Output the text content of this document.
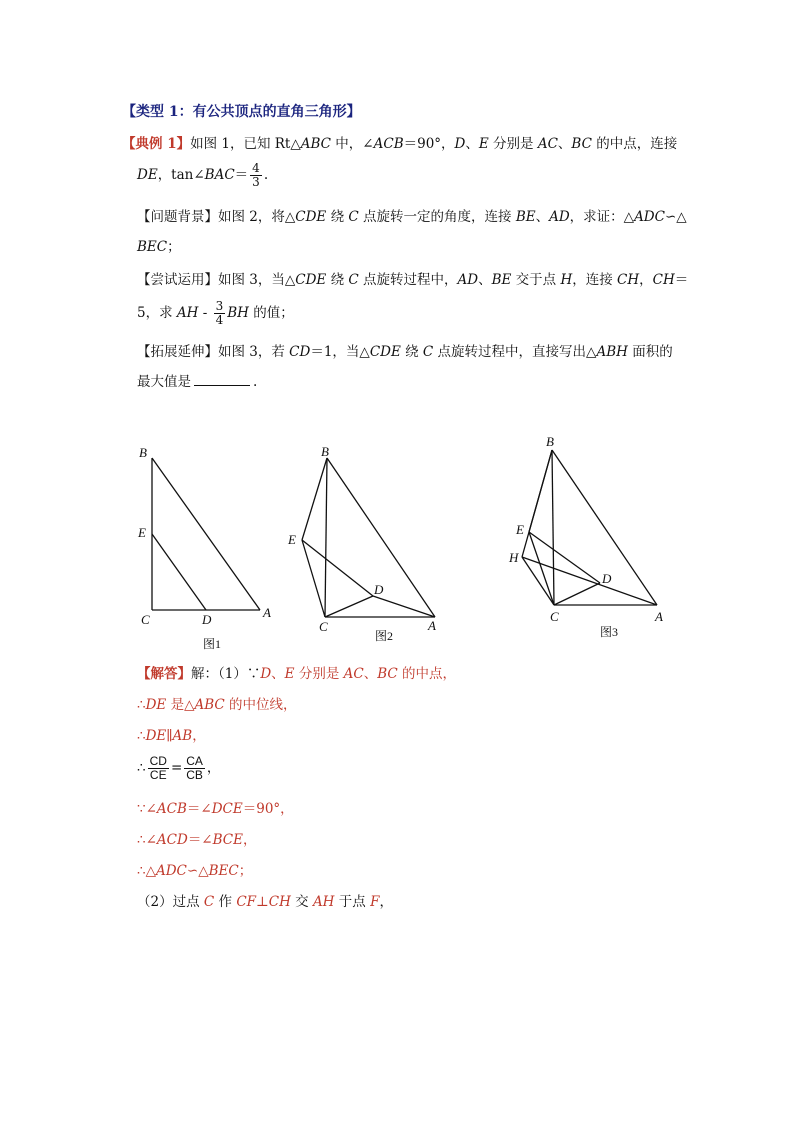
【类型 1：有公共顶点的直角三角形】
【典例 1】如图 1，已知 Rt△ABC 中，∠ACB＝90°，D、E 分别是 AC、BC 的中点，连接
DE，tan∠BAC＝ $\frac{4}{3}$ .
【问题背景】如图 2，将△CDE 绕 C 点旋转一定的角度，连接 BE、AD，求证：△ADC∽△
BEC；
【尝试运用】如图 3，当△CDE 绕 C 点旋转过程中，AD、BE 交于点 H，连接 CH，CH＝
5，求 AH - $\frac{3}{4}$ BH 的值；
【拓展延伸】如图 3，若 CD＝1，当△CDE 绕 C 点旋转过程中，直接写出△ABH 面积的
最大值是	.
B
E
C	D	A
图1
B
E
D
C	A
图2
B
E
H
D
C	A
图3
【解答】解：（1）∵D、E 分别是 AC、BC 的中点，
∴DE 是△ABC 的中位线，
∴DE∥AB，
∴ $\frac{CD}{CE} = \frac{CA}{CB}$ ，
∵∠ACB＝∠DCE＝90°，
∴∠ACD＝∠BCE，
∴△ADC∽△BEC；
（2）过点 C 作 CF⊥CH 交 AH 于点 F，
